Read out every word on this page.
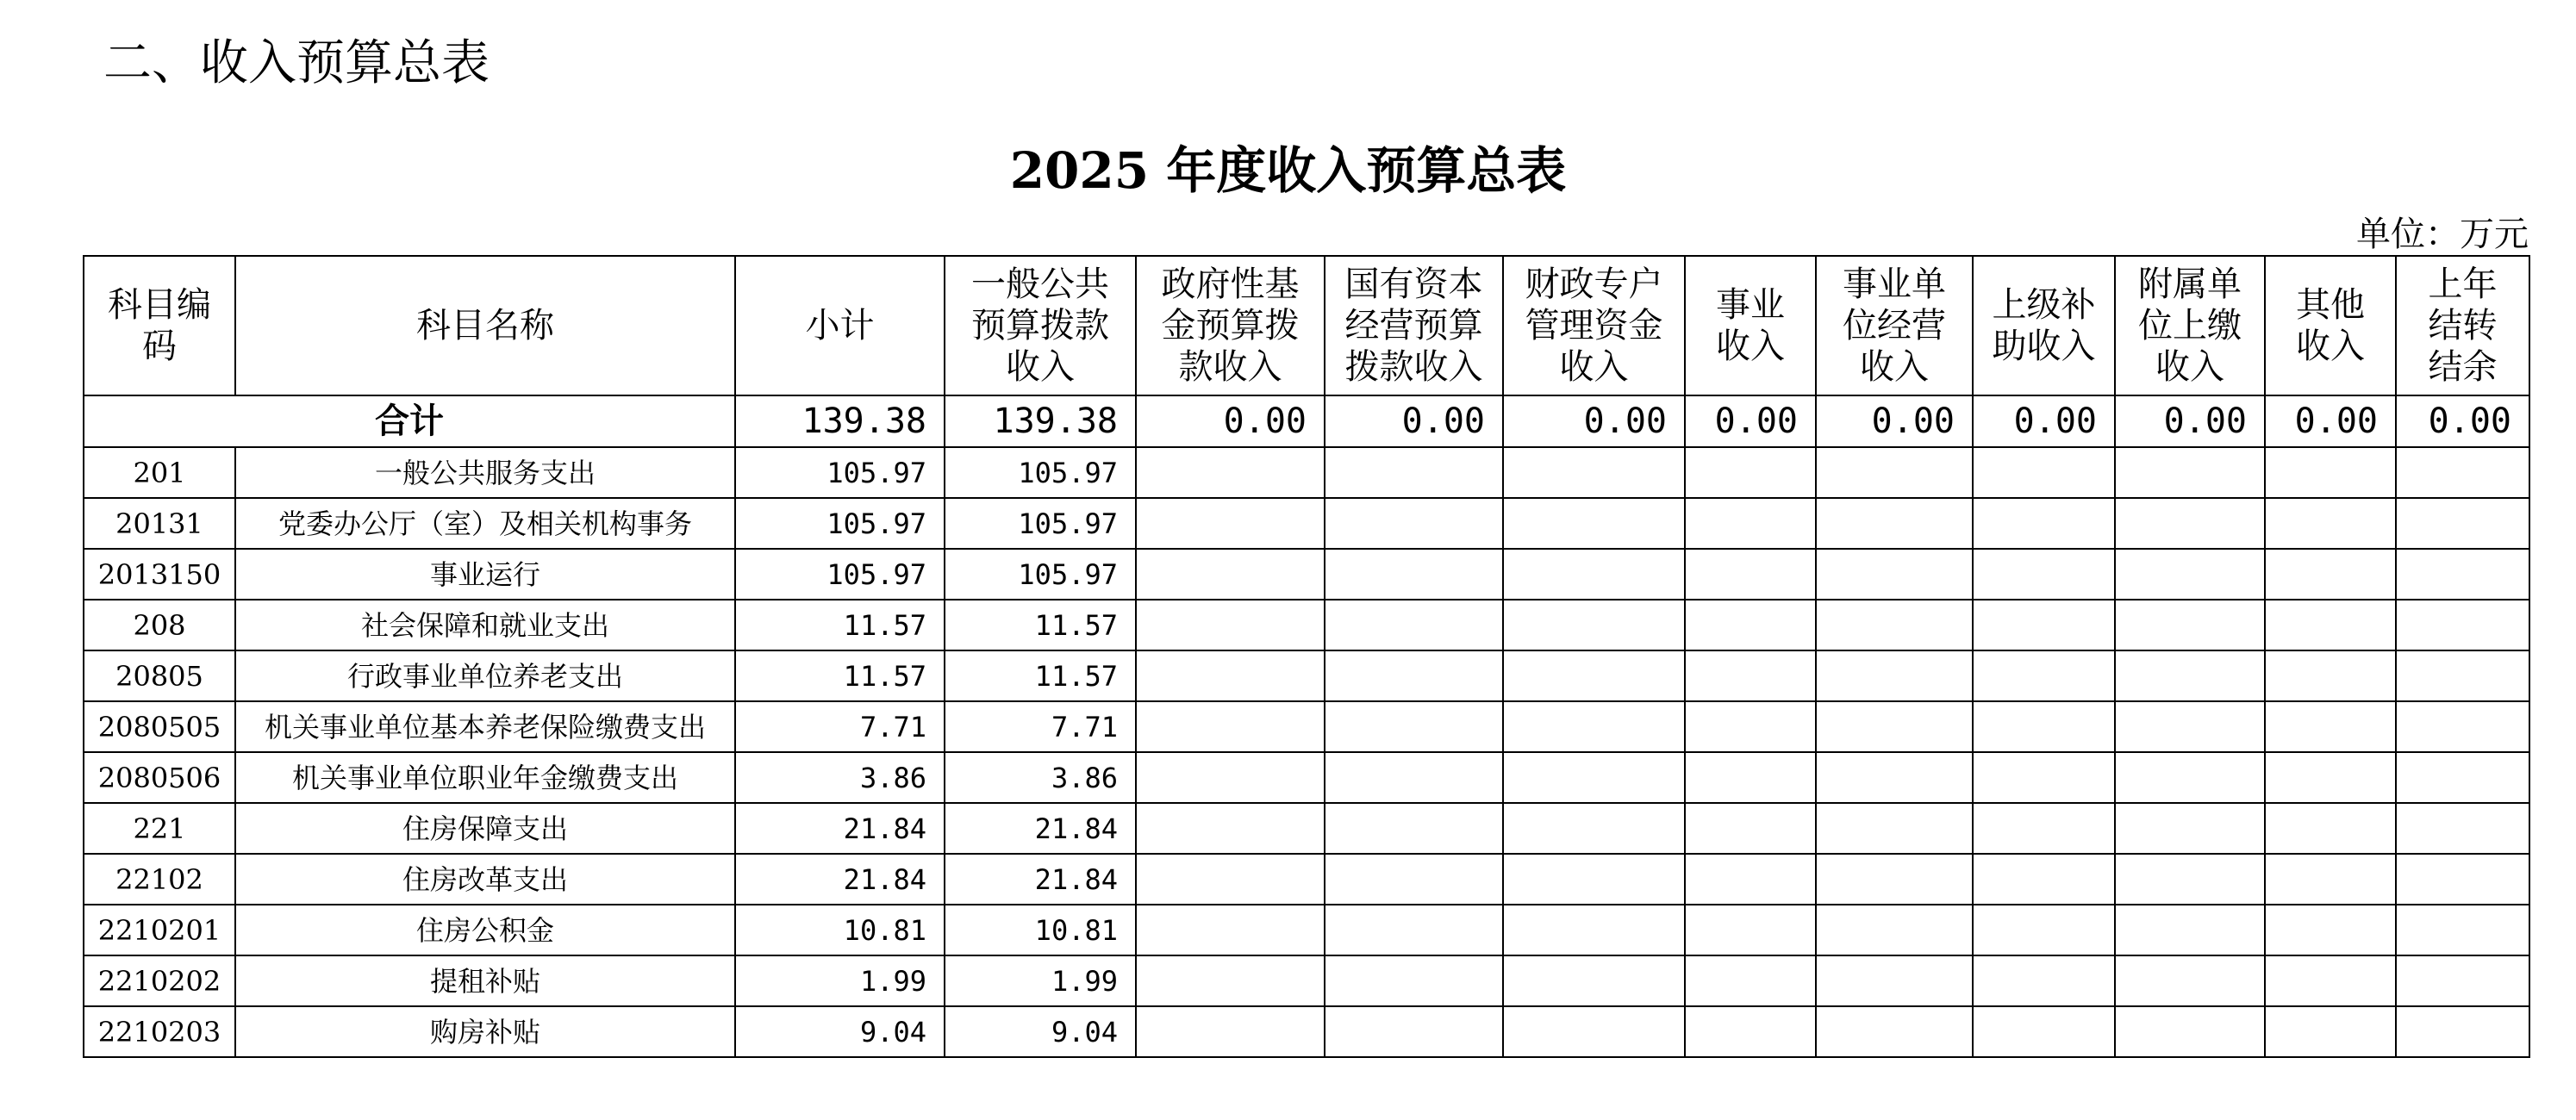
二、收入预算总表
2025 年度收入预算总表
单位：万元
科目编
码	科目名称	小计	一般公共
预算拨款
收入	政府性基
金预算拨
款收入	国有资本
经营预算
拨款收入	财政专户
管理资金
收入	事业
收入	事业单
位经营
收入	上级补
助收入	附属单
位上缴
收入	其他
收入	上年
结转
结余
合计		139.38	139.38	0.00	0.00	0.00	0.00	0.00	0.00	0.00	0.00	0.00
201	一般公共服务支出	105.97	105.97									
20131	党委办公厅（室）及相关机构事务	105.97	105.97									
2013150	事业运行	105.97	105.97									
208	社会保障和就业支出	11.57	11.57									
20805	行政事业单位养老支出	11.57	11.57									
2080505	机关事业单位基本养老保险缴费支出	7.71	7.71									
2080506	机关事业单位职业年金缴费支出	3.86	3.86									
221	住房保障支出	21.84	21.84									
22102	住房改革支出	21.84	21.84									
2210201	住房公积金	10.81	10.81									
2210202	提租补贴	1.99	1.99									
2210203	购房补贴	9.04	9.04									
